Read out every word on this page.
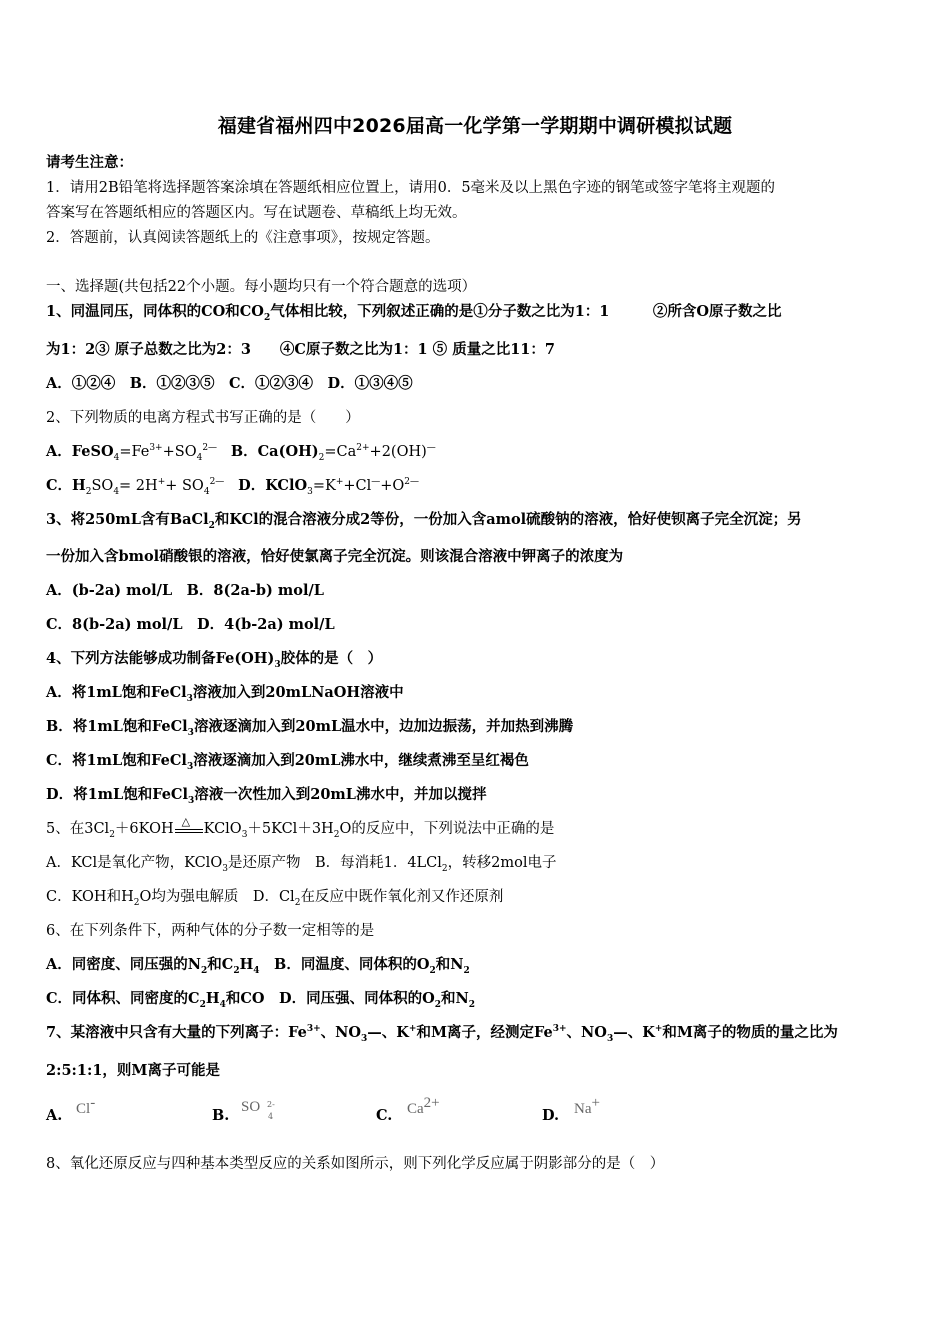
福建省福州四中2026届高一化学第一学期期中调研模拟试题
请考生注意：
1．请用2B铅笔将选择题答案涂填在答题纸相应位置上，请用0．5毫米及以上黑色字迹的钢笔或签字笔将主观题的
答案写在答题纸相应的答题区内。写在试题卷、草稿纸上均无效。
2．答题前，认真阅读答题纸上的《注意事项》，按规定答题。
一、选择题(共包括22个小题。每小题均只有一个符合题意的选项）
1、同温同压，同体积的CO和$CO_2$气体相比较，下列叙述正确的是①分子数之比为1：1　　　②所含O原子数之比
为1：2③ 原子总数之比为2：3　　④C原子数之比为1：1 ⑤ 质量之比11：7
A．①②④　B．①②③⑤　C．①②③④　D．①③④⑤
2、下列物质的电离方程式书写正确的是（　　）
A．$FeSO_4=Fe^{3+}+SO_4^{2—}$ B．$Ca(OH)_2=Ca^{2+}+2(OH)^—$
C．$H_2SO_4= 2H^++ SO_4^{2—}$ D．$KClO_3=K^++Cl^—+O^{2—}$
3、将250mL含有BaCl$_2$和KCl的混合溶液分成2等份，一份加入含amol硫酸钠的溶液，恰好使钡离子完全沉淀；另
一份加入含bmol硝酸银的溶液，恰好使氯离子完全沉淀。则该混合溶液中钾离子的浓度为
A．(b-2a) mol/L　B．8(2a-b) mol/L
C．8(b-2a) mol/L　D．4(b-2a) mol/L
4、下列方法能够成功制备$Fe(OH)_3$胶体的是（　）
A．将1mL饱和FeCl$_3$溶液加入到20mLNaOH溶液中
B．将1mL饱和FeCl$_3$溶液逐滴加入到20mL温水中，边加边振荡，并加热到沸腾
C．将1mL饱和FeCl$_3$溶液逐滴加入到20mL沸水中，继续煮沸至呈红褐色
D．将1mL饱和FeCl$_3$溶液一次性加入到20mL沸水中，并加以搅拌
5、在$3Cl_2+6KOH$ △ $KClO_3+5KCl+3H_2O$的反应中，下列说法中正确的是
A．KCl是氧化产物，KClO$_3$是还原产物　B．每消耗1．4LCl$_2$，转移2mol电子
C．KOH和$H_2O$均为强电解质　D．$Cl_2$在反应中既作氧化剂又作还原剂
6、在下列条件下，两种气体的分子数一定相等的是
A．同密度、同压强的$N_2$和$C_2H_4$　B．同温度、同体积的$O_2$和$N_2$
C．同体积、同密度的$C_2H_4$和CO　D．同压强、同体积的$O_2$和$N_2$
7、某溶液中只含有大量的下列离子：$Fe^{3+}$、$NO_3—$、K+和M离子，经测定$Fe^{3+}$、$NO_3—$、K+和M离子的物质的量之比为
2:5:1:1，则M离子可能是
A. Cl-
B. SO 2-
4	C. $Ca^{2+}$
D. Na+
8、氧化还原反应与四种基本类型反应的关系如图所示，则下列化学反应属于阴影部分的是（　）
